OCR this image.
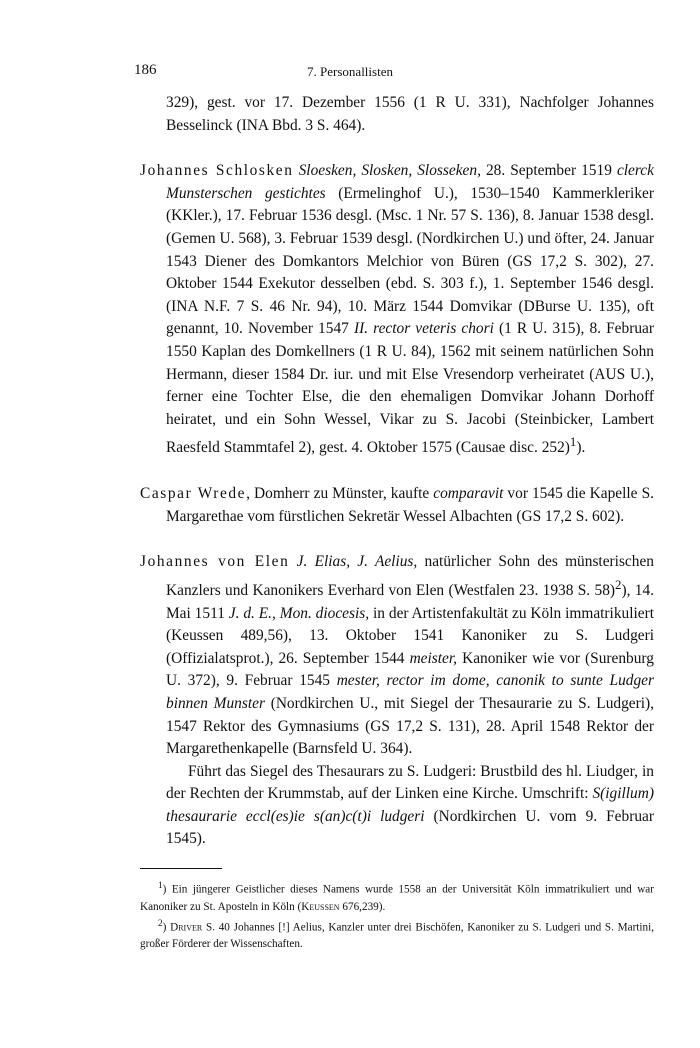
186	7. Personallisten

329), gest. vor 17. Dezember 1556 (1 R U. 331), Nachfolger Johannes Besselinck (INA Bbd. 3 S. 464).

Johannes Schlosken Sloesken, Slosken, Slosseken, 28. September 1519 clerck Munsterschen gestichtes (Ermelinghof U.), 1530–1540 Kammerkleriker (KKler.), 17. Februar 1536 desgl. (Msc. 1 Nr. 57 S. 136), 8. Januar 1538 desgl. (Gemen U. 568), 3. Februar 1539 desgl. (Nordkirchen U.) und öfter, 24. Januar 1543 Diener des Domkantors Melchior von Büren (GS 17,2 S. 302), 27. Oktober 1544 Exekutor desselben (ebd. S. 303 f.), 1. September 1546 desgl. (INA N.F. 7 S. 46 Nr. 94), 10. März 1544 Domvikar (DBurse U. 135), oft genannt, 10. November 1547 II. rector veteris chori (1 R U. 315), 8. Februar 1550 Kaplan des Domkellners (1 R U. 84), 1562 mit seinem natürlichen Sohn Hermann, dieser 1584 Dr. iur. und mit Else Vresendorp verheiratet (AUS U.), ferner eine Tochter Else, die den ehemaligen Domvikar Johann Dorhoff heiratet, und ein Sohn Wessel, Vikar zu S. Jacobi (Steinbicker, Lambert Raesfeld Stammtafel 2), gest. 4. Oktober 1575 (Causae disc. 252)$^1$).

Caspar Wrede, Domherr zu Münster, kaufte comparavit vor 1545 die Kapelle S. Margarethae vom fürstlichen Sekretär Wessel Albachten (GS 17,2 S. 602).

Johannes von Elen J. Elias, J. Aelius, natürlicher Sohn des münsterischen Kanzlers und Kanonikers Everhard von Elen (Westfalen 23. 1938 S. 58)$^2$), 14. Mai 1511 J. d. E., Mon. diocesis, in der Artistenfakultät zu Köln immatrikuliert (Keussen 489,56), 13. Oktober 1541 Kanoniker zu S. Ludgeri (Offizialatsprot.), 26. September 1544 meister, Kanoniker wie vor (Surenburg U. 372), 9. Februar 1545 mester, rector im dome, canonik to sunte Ludger binnen Munster (Nordkirchen U., mit Siegel der Thesaurarie zu S. Ludgeri), 1547 Rektor des Gymnasiums (GS 17,2 S. 131), 28. April 1548 Rektor der Margarethenkapelle (Barnsfeld U. 364).

Führt das Siegel des Thesaurars zu S. Ludgeri: Brustbild des hl. Liudger, in der Rechten der Krummstab, auf der Linken eine Kirche. Umschrift: S(igillum) thesaurarie eccl(es)ie s(an)c(t)i ludgeri (Nordkirchen U. vom 9. Februar 1545).

$^1$) Ein jüngerer Geistlicher dieses Namens wurde 1558 an der Universität Köln immatrikuliert und war Kanoniker zu St. Aposteln in Köln (Keussen 676,239).

$^2$) Driver S. 40 Johannes [!] Aelius, Kanzler unter drei Bischöfen, Kanoniker zu S. Ludgeri und S. Martini, großer Förderer der Wissenschaften.
